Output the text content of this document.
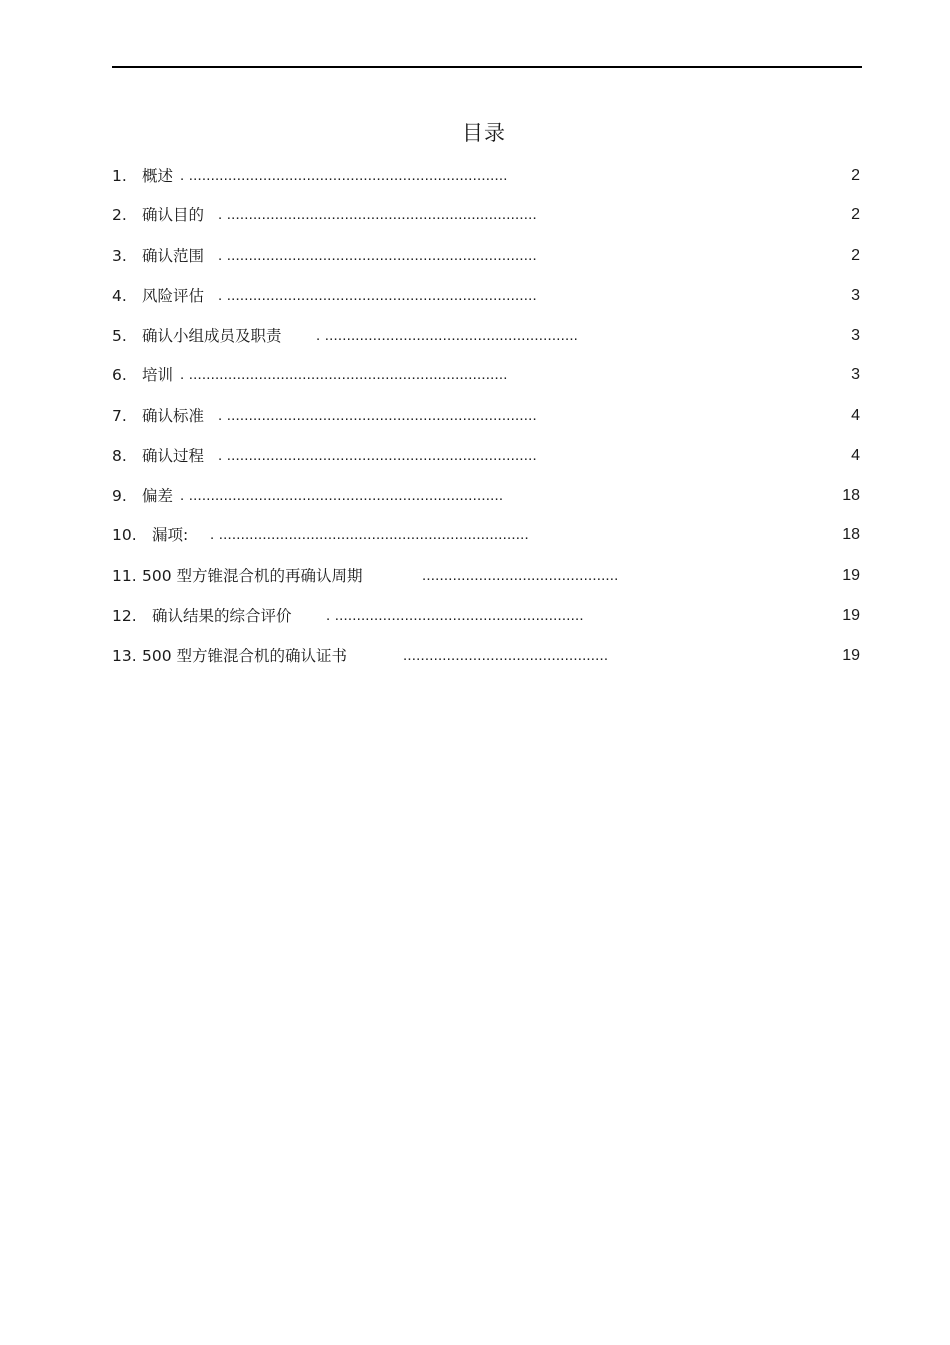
目录
1. 概述 . .........................................................................	2
2. 确认目的 . .......................................................................	2
3. 确认范围 . .......................................................................	2
4. 风险评估 . .......................................................................	3
5. 确认小组成员及职责 . ..........................................................	3
6. 培训 . .........................................................................	3
7. 确认标准 . .......................................................................	4
8. 确认过程 . .......................................................................	4
9. 偏差 . ........................................................................	18
10. 漏项: . .......................................................................	18
11. 500 型方锥混合机的再确认周期	.............................................	19
12. 确认结果的综合评价 . .........................................................	19
13. 500 型方锥混合机的确认证书	...............................................	19
